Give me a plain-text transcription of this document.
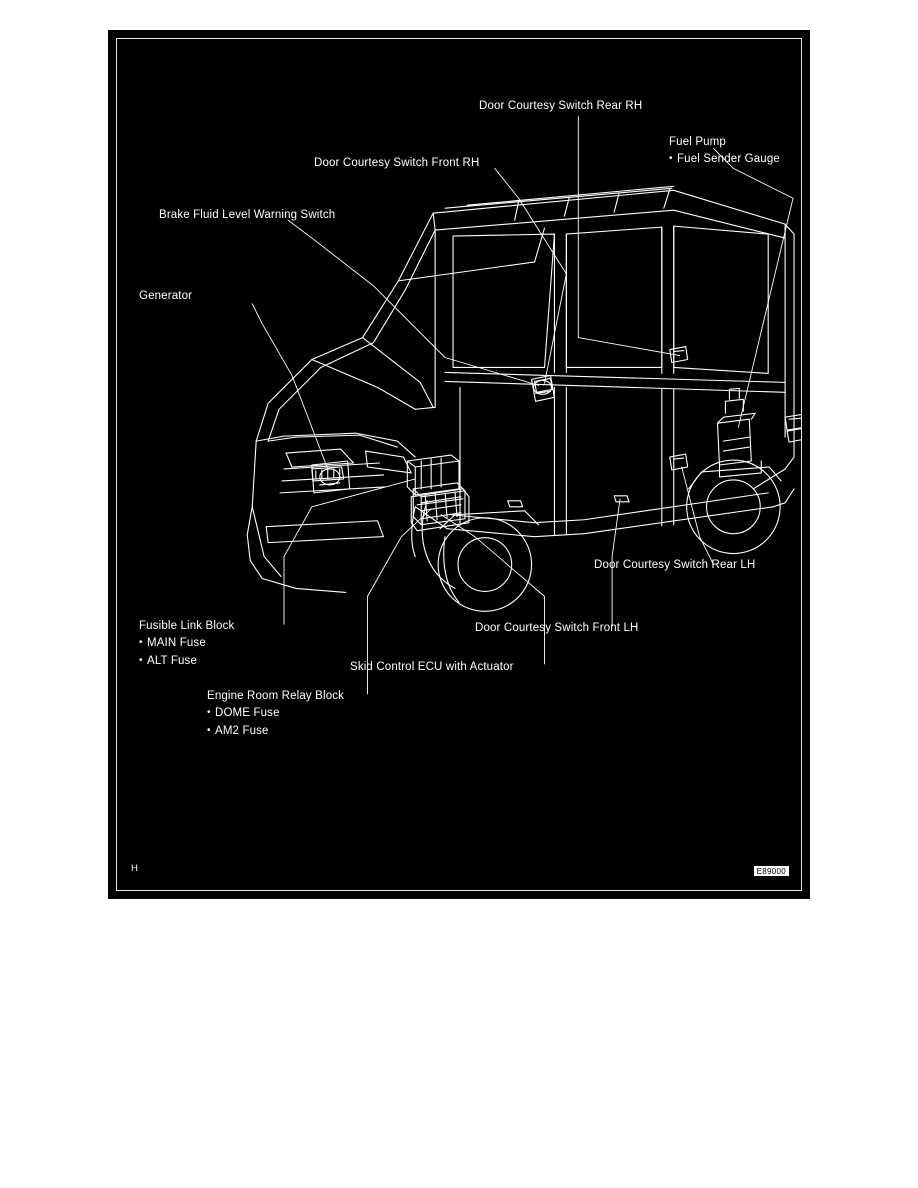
Door Courtesy Switch Rear RH
Fuel Pump
• Fuel Sender Gauge
Door Courtesy Switch Front RH
Brake Fluid Level Warning Switch
Generator
Door Courtesy Switch Rear LH
Door Courtesy Switch Front LH
Skid Control ECU with Actuator
Fusible Link Block
• MAIN Fuse
• ALT Fuse
Engine Room Relay Block
• DOME Fuse
• AM2 Fuse
H	E89000
